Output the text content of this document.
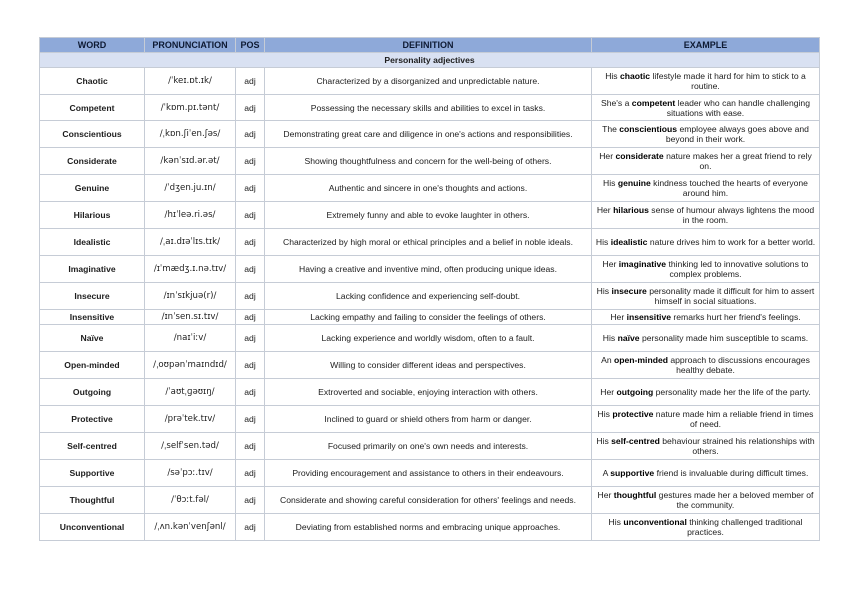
WORD	PRONUNCIATION	POS	DEFINITION	EXAMPLE
Personality adjectives				
Chaotic	/ˈkeɪ.ɒt.ɪk/	adj	Characterized by a disorganized and unpredictable nature.	His chaotic lifestyle made it hard for him to stick to a routine.
Competent	/ˈkɒm.pɪ.tənt/	adj	Possessing the necessary skills and abilities to excel in tasks.	She's a competent leader who can handle challenging situations with ease.
Conscientious	/ˌkɒn.ʃiˈen.ʃəs/	adj	Demonstrating great care and diligence in one's actions and responsibilities.	The conscientious employee always goes above and beyond in their work.
Considerate	/kənˈsɪd.ər.ət/	adj	Showing thoughtfulness and concern for the well-being of others.	Her considerate nature makes her a great friend to rely on.
Genuine	/ˈdʒen.ju.ɪn/	adj	Authentic and sincere in one's thoughts and actions.	His genuine kindness touched the hearts of everyone around him.
Hilarious	/hɪˈleə.ri.əs/	adj	Extremely funny and able to evoke laughter in others.	Her hilarious sense of humour always lightens the mood in the room.
Idealistic	/ˌaɪ.dɪəˈlɪs.tɪk/	adj	Characterized by high moral or ethical principles and a belief in noble ideals.	His idealistic nature drives him to work for a better world.
Imaginative	/ɪˈmædʒ.ɪ.nə.tɪv/	adj	Having a creative and inventive mind, often producing unique ideas.	Her imaginative thinking led to innovative solutions to complex problems.
Insecure	/ɪnˈsɪkjuə(r)/	adj	Lacking confidence and experiencing self-doubt.	His insecure personality made it difficult for him to assert himself in social situations.
Insensitive	/ɪnˈsen.sɪ.tɪv/	adj	Lacking empathy and failing to consider the feelings of others.	Her insensitive remarks hurt her friend's feelings.
Naïve	/naɪˈiːv/	adj	Lacking experience and worldly wisdom, often to a fault.	His naïve personality made him susceptible to scams.
Open-minded	/ˌoʊpənˈmaɪndɪd/	adj	Willing to consider different ideas and perspectives.	An open-minded approach to discussions encourages healthy debate.
Outgoing	/ˈaʊtˌɡəʊɪŋ/	adj	Extroverted and sociable, enjoying interaction with others.	Her outgoing personality made her the life of the party.
Protective	/prəˈtek.tɪv/	adj	Inclined to guard or shield others from harm or danger.	His protective nature made him a reliable friend in times of need.
Self-centred	/ˌselfˈsen.təd/	adj	Focused primarily on one's own needs and interests.	His self-centred behaviour strained his relationships with others.
Supportive	/səˈpɔː.tɪv/	adj	Providing encouragement and assistance to others in their endeavours.	A supportive friend is invaluable during difficult times.
Thoughtful	/ˈθɔːt.fəl/	adj	Considerate and showing careful consideration for others' feelings and needs.	Her thoughtful gestures made her a beloved member of the community.
Unconventional	/ˌʌn.kənˈvenʃənl/	adj	Deviating from established norms and embracing unique approaches.	His unconventional thinking challenged traditional practices.
